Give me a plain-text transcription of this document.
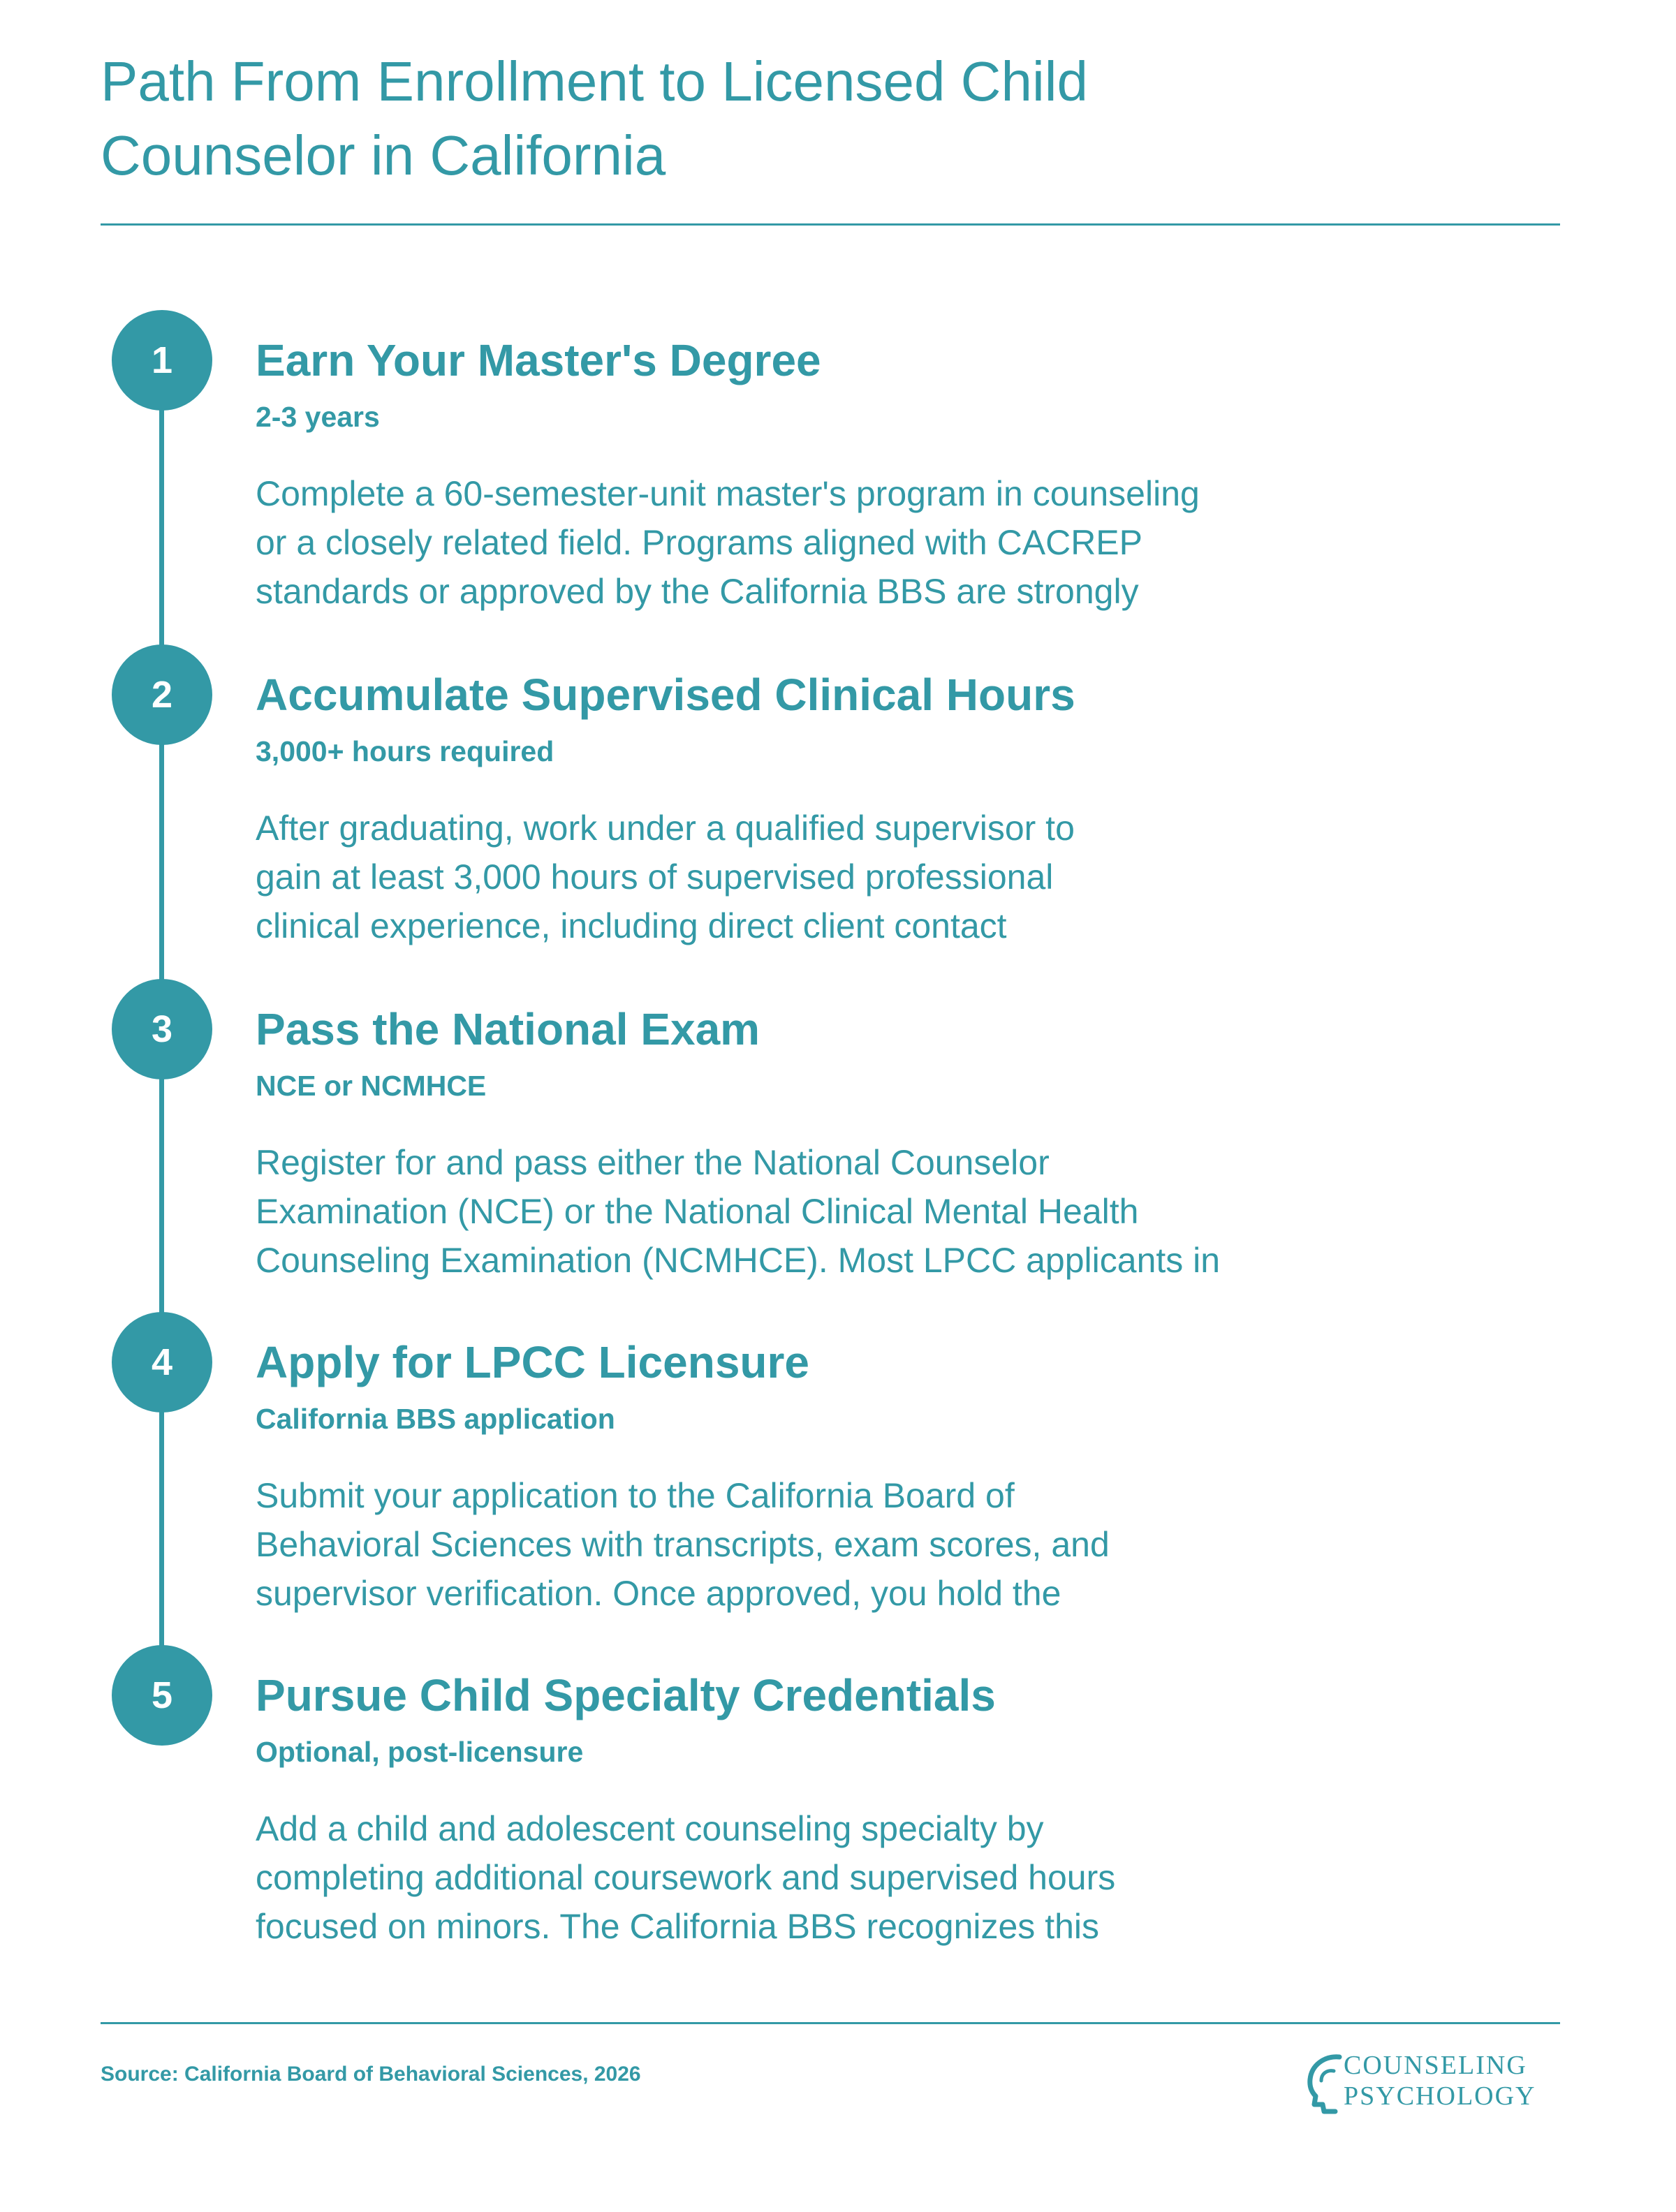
Path From Enrollment to Licensed Child
Counselor in California
1	Earn Your Master's Degree

2-3 years

Complete a 60-semester-unit master's program in counseling
or a closely related field. Programs aligned with CACREP
standards or approved by the California BBS are strongly

2	Accumulate Supervised Clinical Hours

3,000+ hours required

After graduating, work under a qualified supervisor to
gain at least 3,000 hours of supervised professional
clinical experience, including direct client contact

3	Pass the National Exam

NCE or NCMHCE

Register for and pass either the National Counselor
Examination (NCE) or the National Clinical Mental Health
Counseling Examination (NCMHCE). Most LPCC applicants in

4	Apply for LPCC Licensure

California BBS application

Submit your application to the California Board of
Behavioral Sciences with transcripts, exam scores, and
supervisor verification. Once approved, you hold the

5	Pursue Child Specialty Credentials

Optional, post-licensure

Add a child and adolescent counseling specialty by
completing additional coursework and supervised hours
focused on minors. The California BBS recognizes this

Source: California Board of Behavioral Sciences, 2026	COUNSELING
PSYCHOLOGY
